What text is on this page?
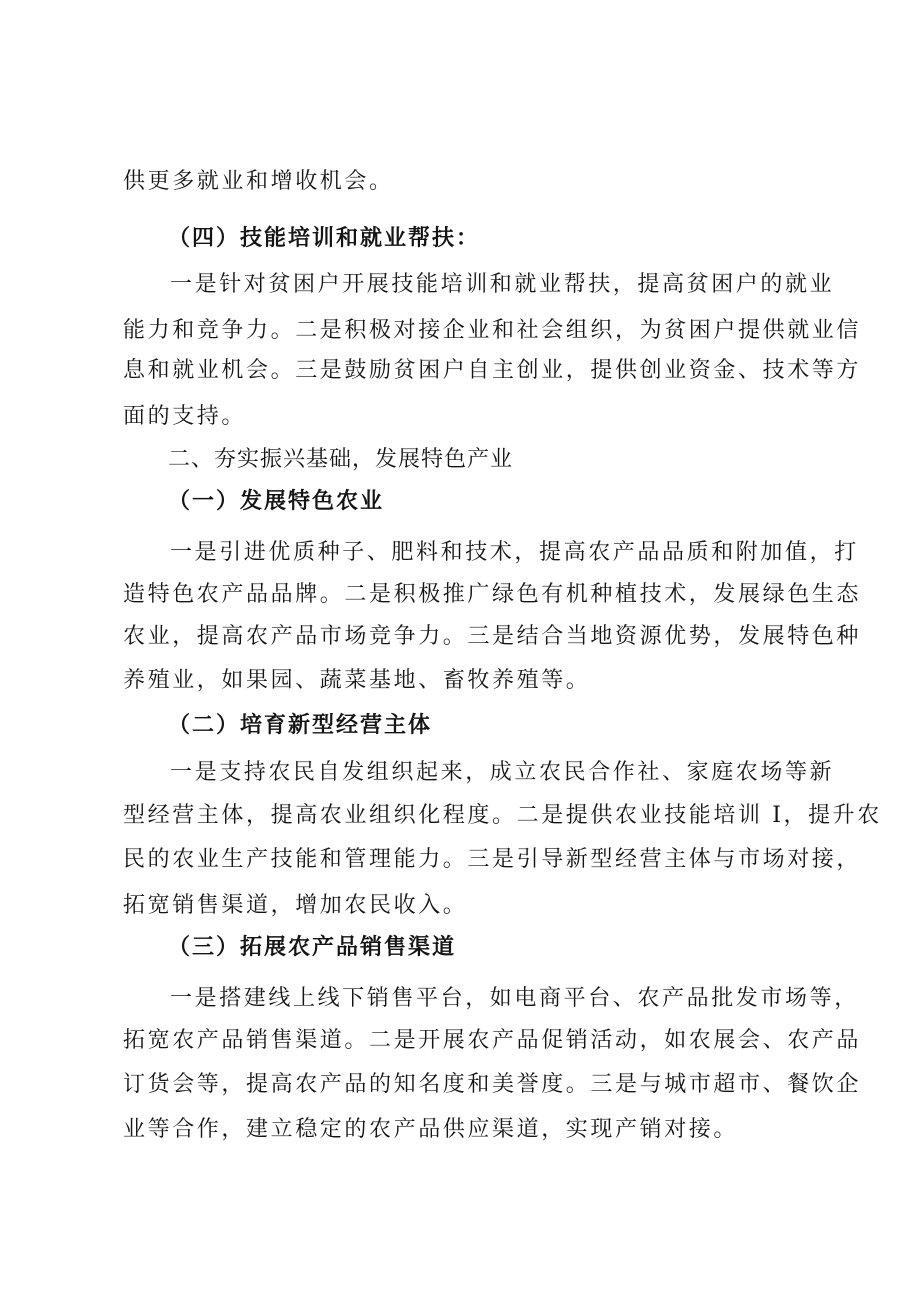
供更多就业和增收机会。
（四）技能培训和就业帮扶：
一是针对贫困户开展技能培训和就业帮扶，提高贫困户的就业
能力和竞争力。二是积极对接企业和社会组织，为贫困户提供就业信
息和就业机会。三是鼓励贫困户自主创业，提供创业资金、技术等方
面的支持。
二、夯实振兴基础，发展特色产业
（一）发展特色农业
一是引进优质种子、肥料和技术，提高农产品品质和附加值，打
造特色农产品品牌。二是积极推广绿色有机种植技术，发展绿色生态
农业，提高农产品市场竞争力。三是结合当地资源优势，发展特色种
养殖业，如果园、蔬菜基地、畜牧养殖等。
（二）培育新型经营主体
一是支持农民自发组织起来，成立农民合作社、家庭农场等新
型经营主体，提高农业组织化程度。二是提供农业技能培训 I，提升农
民的农业生产技能和管理能力。三是引导新型经营主体与市场对接，
拓宽销售渠道，增加农民收入。
（三）拓展农产品销售渠道
一是搭建线上线下销售平台，如电商平台、农产品批发市场等，
拓宽农产品销售渠道。二是开展农产品促销活动，如农展会、农产品
订货会等，提高农产品的知名度和美誉度。三是与城市超市、餐饮企
业等合作，建立稳定的农产品供应渠道，实现产销对接。
